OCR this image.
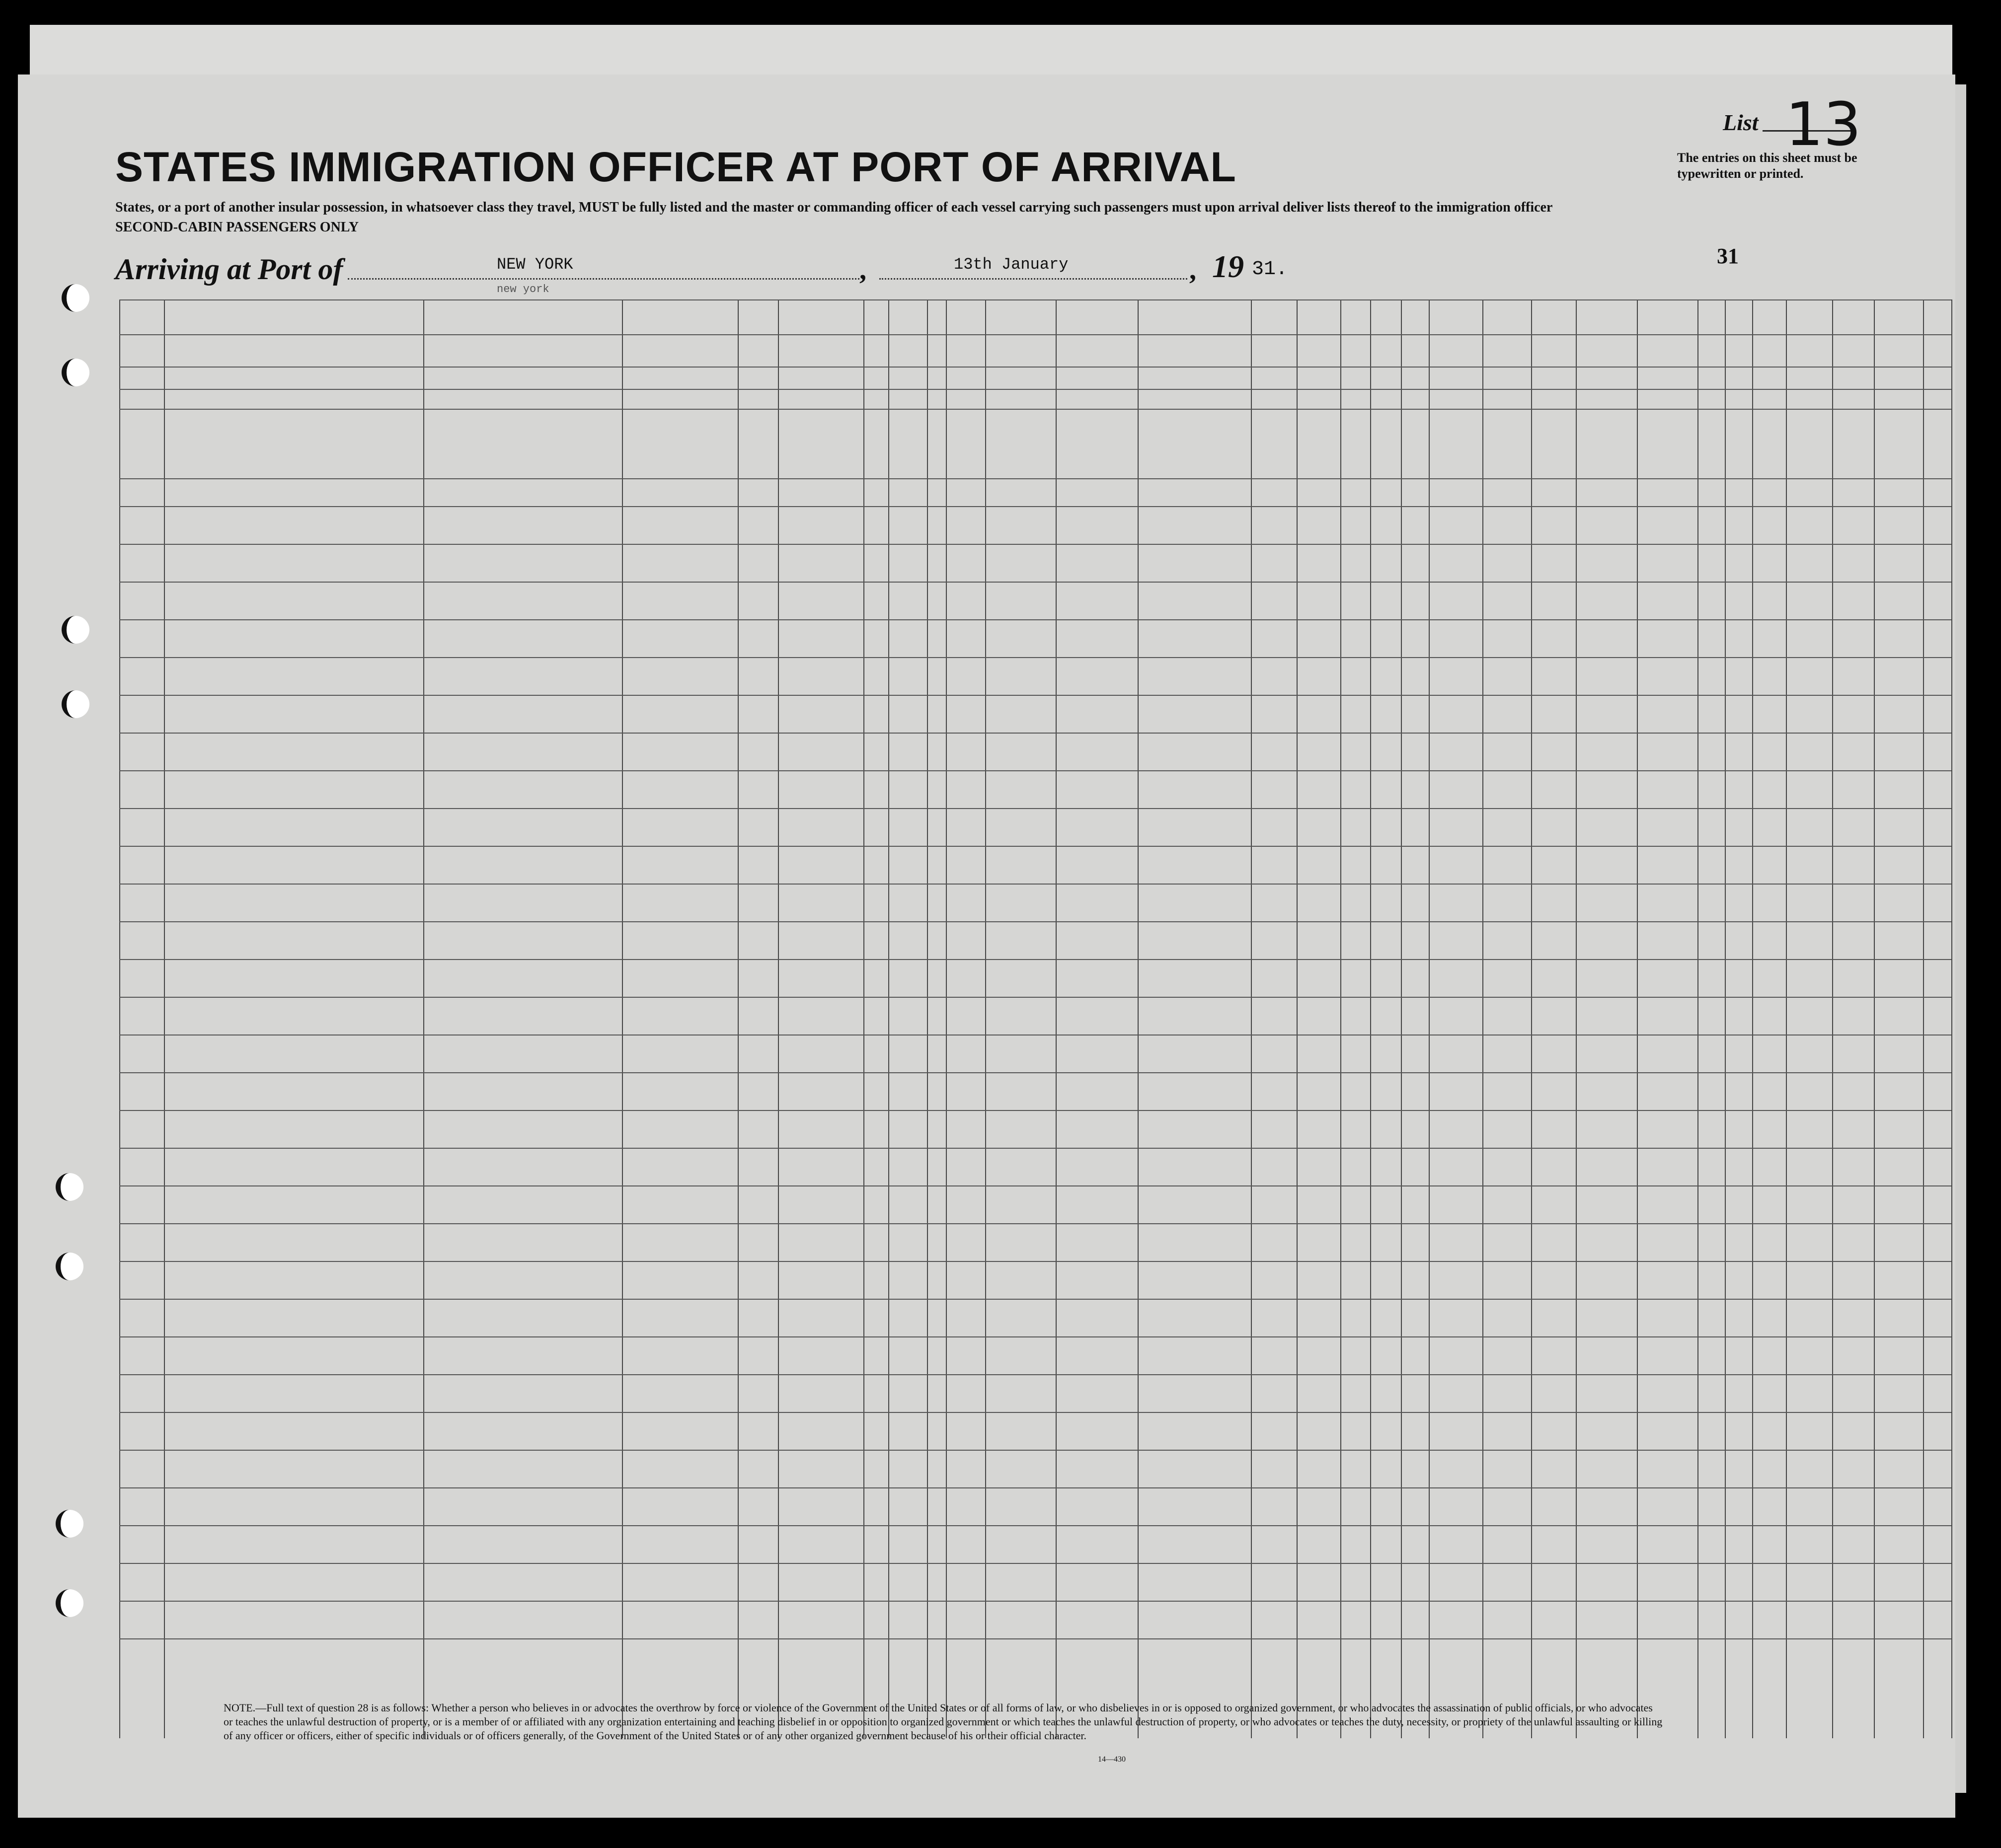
STATES IMMIGRATION OFFICER AT PORT OF ARRIVAL
States, or a port of another insular possession, in whatsoever class they travel, MUST be fully listed and the master or commanding officer of each vessel carrying such passengers must upon arrival deliver lists thereof to the immigration officer
SECOND-CABIN PASSENGERS ONLY
List 13
The entries on this sheet must be typewritten or printed.
Arriving at Port of	NEW YORK
new york
,	13th January	, 19 31.
31
NOTE.—Full text of question 28 is as follows: Whether a person who believes in or advocates the overthrow by force or violence of the Government of the United States or of all forms of law, or who disbelieves in or is opposed to organized government, or who advocates the assassination of public officials, or who advocates or teaches the unlawful destruction of property, or is a member of or affiliated with any organization entertaining and teaching disbelief in or opposition to organized government or which teaches the unlawful destruction of property, or who advocates or teaches the duty, necessity, or propriety of the unlawful assaulting or killing of any officer or officers, either of specific individuals or of officers generally, of the Government of the United States or of any other organized government because of his or their official character.
14—430
